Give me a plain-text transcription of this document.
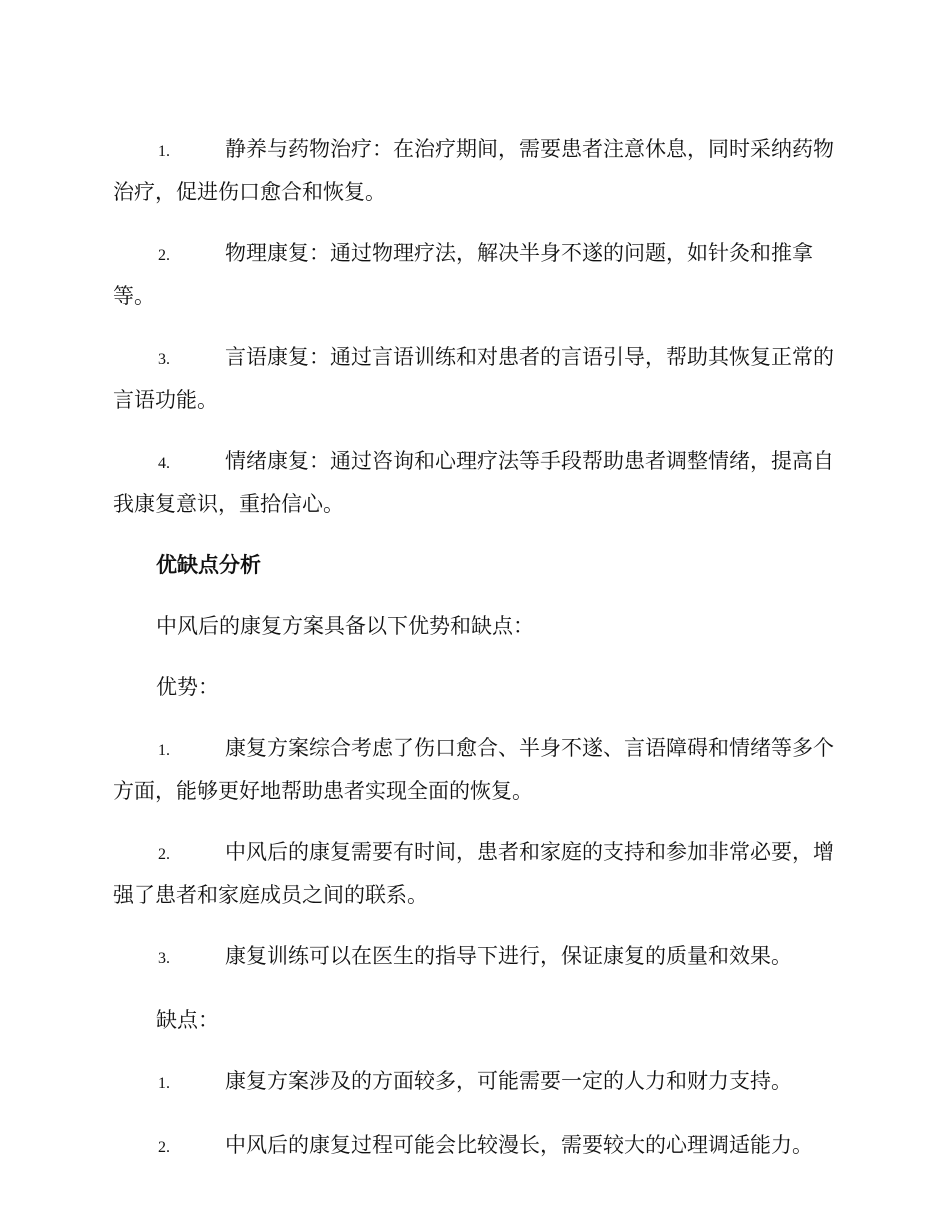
1.	静养与药物治疗：在治疗期间，需要患者注意休息，同时采纳药物治疗，促进伤口愈合和恢复。

2.	物理康复：通过物理疗法，解决半身不遂的问题，如针灸和推拿等。

3.	言语康复：通过言语训练和对患者的言语引导，帮助其恢复正常的言语功能。

4.	情绪康复：通过咨询和心理疗法等手段帮助患者调整情绪，提高自我康复意识，重拾信心。

优缺点分析

中风后的康复方案具备以下优势和缺点：

优势：

1.	康复方案综合考虑了伤口愈合、半身不遂、言语障碍和情绪等多个方面，能够更好地帮助患者实现全面的恢复。

2.	中风后的康复需要有时间，患者和家庭的支持和参加非常必要，增强了患者和家庭成员之间的联系。

3.	康复训练可以在医生的指导下进行，保证康复的质量和效果。

缺点：

1.	康复方案涉及的方面较多，可能需要一定的人力和财力支持。

2.	中风后的康复过程可能会比较漫长，需要较大的心理调适能力。
